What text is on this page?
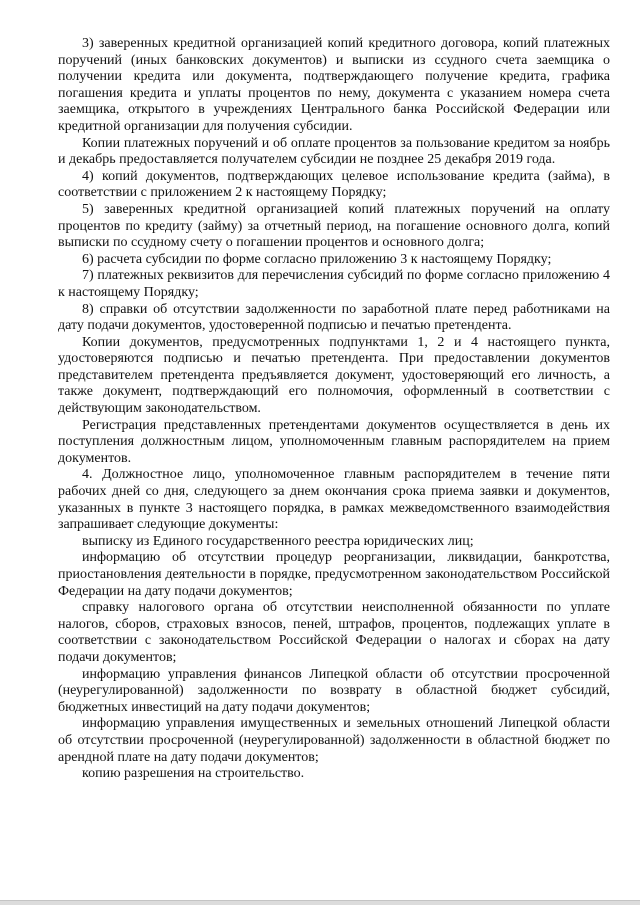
3) заверенных кредитной организацией копий кредитного договора, копий платежных поручений (иных банковских документов) и выписки из ссудного счета заемщика о получении кредита или документа, подтверждающего получение кредита, графика погашения кредита и уплаты процентов по нему, документа с указанием номера счета заемщика, открытого в учреждениях Центрального банка Российской Федерации или кредитной организации для получения субсидии.

Копии платежных поручений и об оплате процентов за пользование кредитом за ноябрь и декабрь предоставляется получателем субсидии не позднее 25 декабря 2019 года.

4) копий документов, подтверждающих целевое использование кредита (займа), в соответствии с приложением 2 к настоящему Порядку;

5) заверенных кредитной организацией копий платежных поручений на оплату процентов по кредиту (займу) за отчетный период, на погашение основного долга, копий выписки по ссудному счету о погашении процентов и основного долга;

6) расчета субсидии по форме согласно приложению 3 к настоящему Порядку;

7) платежных реквизитов для перечисления субсидий по форме согласно приложению 4 к настоящему Порядку;

8) справки об отсутствии задолженности по заработной плате перед работниками на дату подачи документов, удостоверенной подписью и печатью претендента.

Копии документов, предусмотренных подпунктами 1, 2 и 4 настоящего пункта, удостоверяются подписью и печатью претендента. При предоставлении документов представителем претендента предъявляется документ, удостоверяющий его личность, а также документ, подтверждающий его полномочия, оформленный в соответствии с действующим законодательством.

Регистрация представленных претендентами документов осуществляется в день их поступления должностным лицом, уполномоченным главным распорядителем на прием документов.

4. Должностное лицо, уполномоченное главным распорядителем в течение пяти рабочих дней со дня, следующего за днем окончания срока приема заявки и документов, указанных в пункте 3 настоящего порядка, в рамках межведомственного взаимодействия запрашивает следующие документы:

выписку из Единого государственного реестра юридических лиц;

информацию об отсутствии процедур реорганизации, ликвидации, банкротства, приостановления деятельности в порядке, предусмотренном законодательством Российской Федерации на дату подачи документов;

справку налогового органа об отсутствии неисполненной обязанности по уплате налогов, сборов, страховых взносов, пеней, штрафов, процентов, подлежащих уплате в соответствии с законодательством Российской Федерации о налогах и сборах на дату подачи документов;

информацию управления финансов Липецкой области об отсутствии просроченной (неурегулированной) задолженности по возврату в областной бюджет субсидий, бюджетных инвестиций на дату подачи документов;

информацию управления имущественных и земельных отношений Липецкой области об отсутствии просроченной (неурегулированной) задолженности в областной бюджет по арендной плате на дату подачи документов;

копию разрешения на строительство.
